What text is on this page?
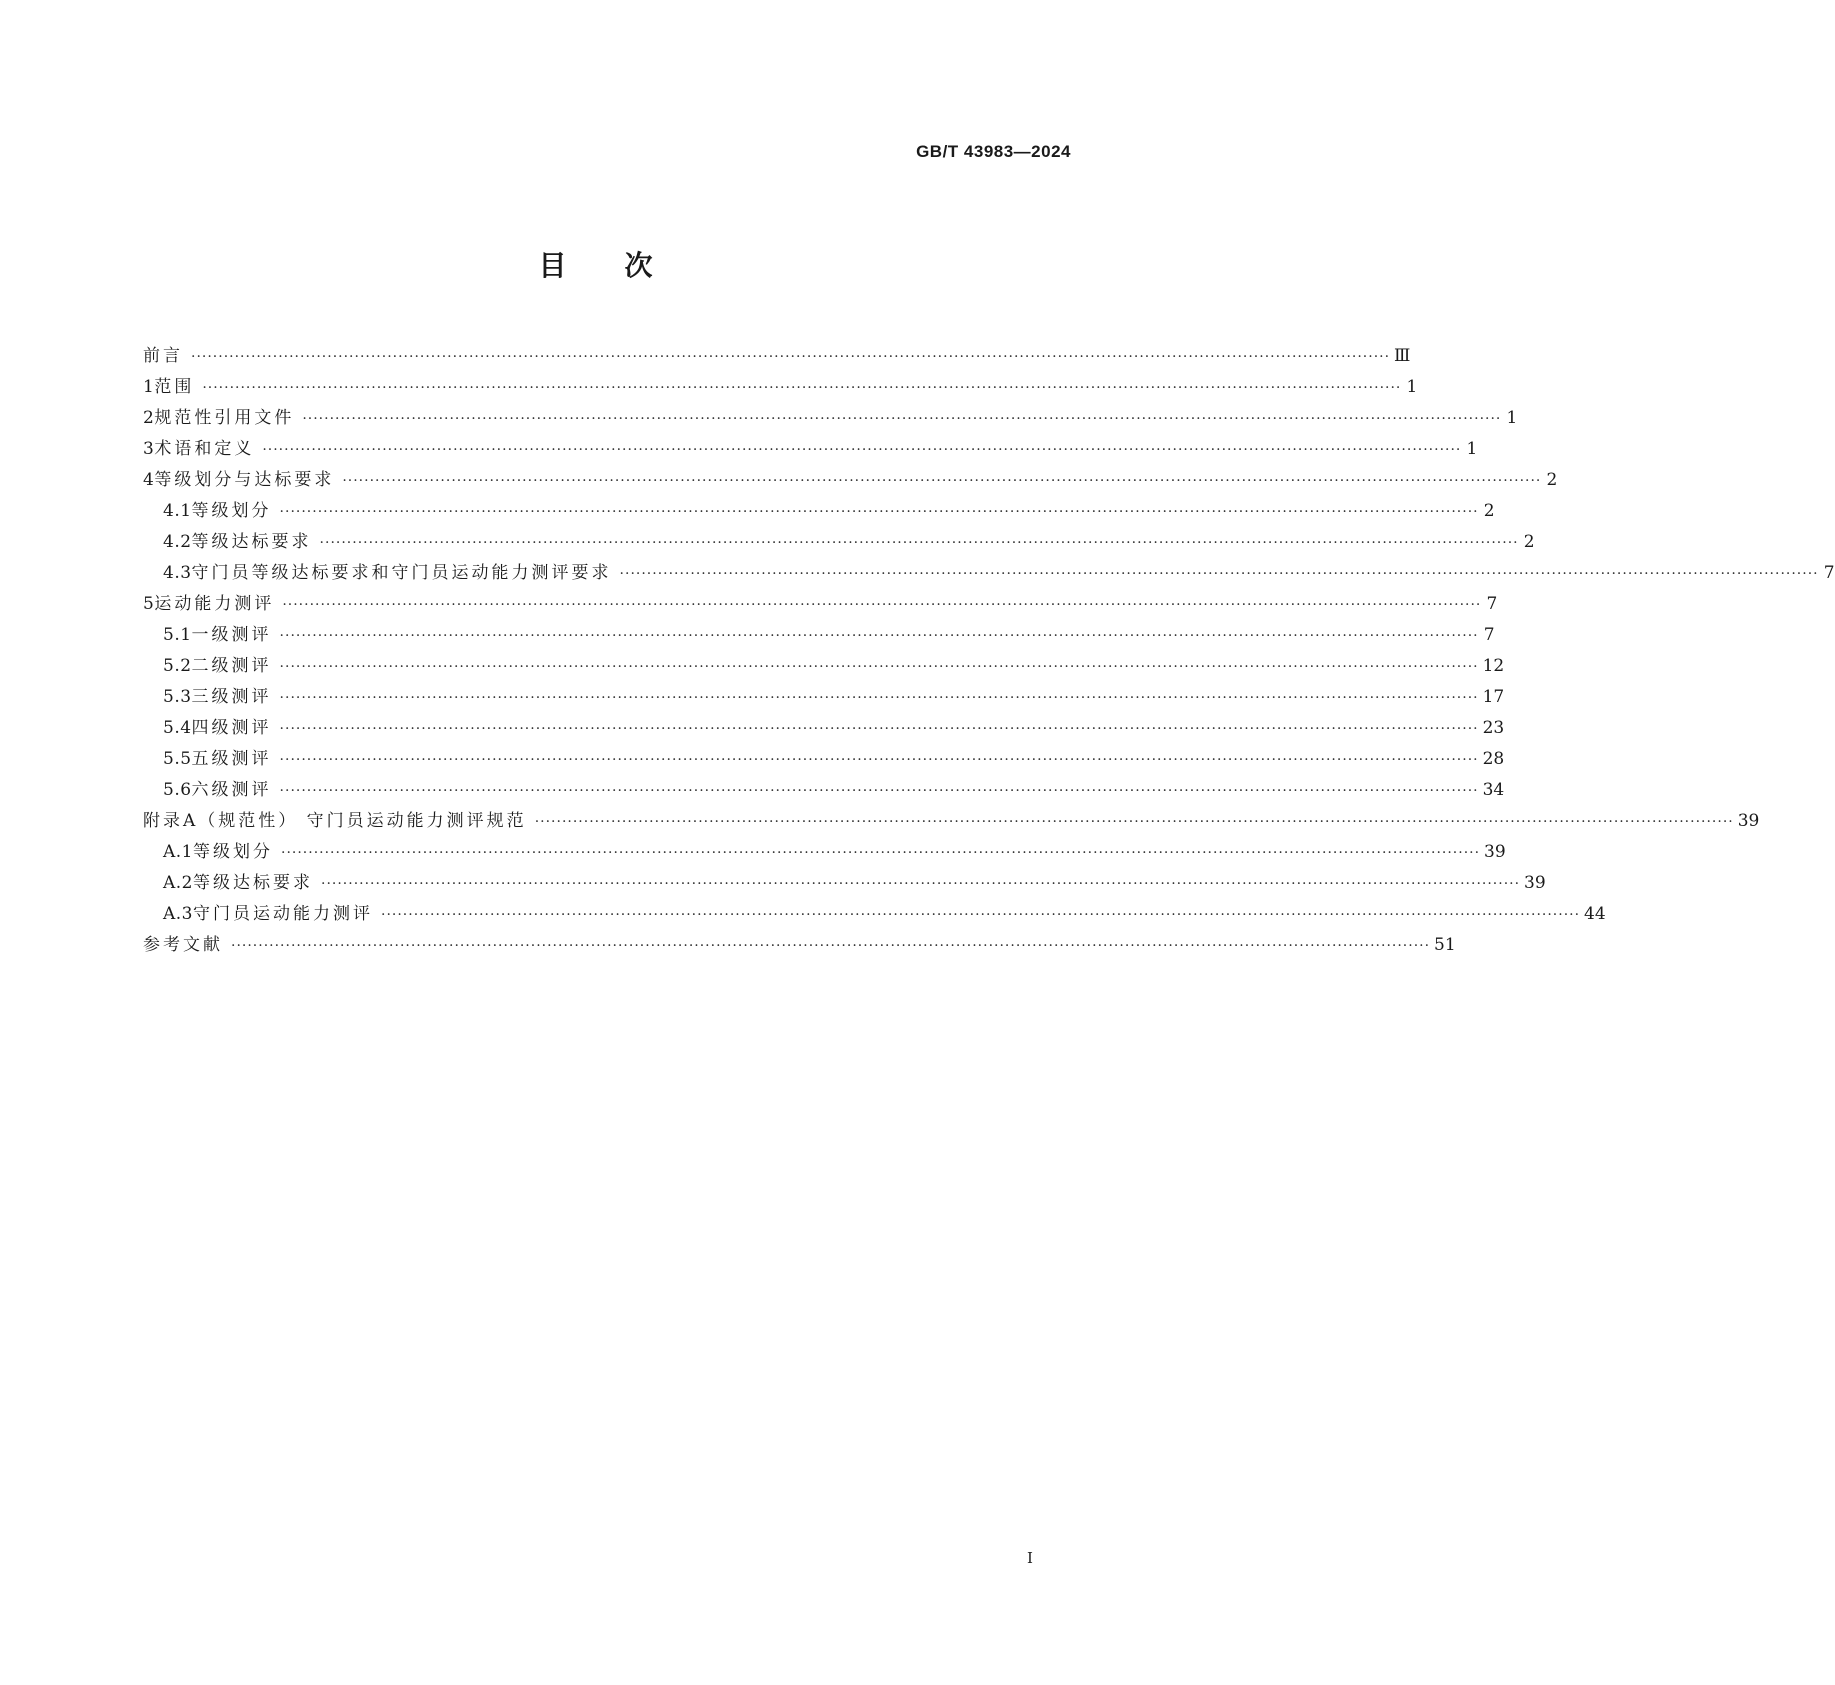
GB/T 43983—2024
目次
前言 ···························································································································································································································· Ⅲ
1 范围 ···························································································································································································································· 1
2 规范性引用文件 ···························································································································································································································· 1
3 术语和定义 ···························································································································································································································· 1
4 等级划分与达标要求 ···························································································································································································································· 2
4.1 等级划分 ···························································································································································································································· 2
4.2 等级达标要求 ···························································································································································································································· 2
4.3 守门员等级达标要求和守门员运动能力测评要求 ···························································································································································································································· 7
5 运动能力测评 ···························································································································································································································· 7
5.1 一级测评 ···························································································································································································································· 7
5.2 二级测评 ···························································································································································································································· 12
5.3 三级测评 ···························································································································································································································· 17
5.4 四级测评 ···························································································································································································································· 23
5.5 五级测评 ···························································································································································································································· 28
5.6 六级测评 ···························································································································································································································· 34
附录A（规范性） 守门员运动能力测评规范 ···························································································································································································································· 39
A.1 等级划分 ···························································································································································································································· 39
A.2 等级达标要求 ···························································································································································································································· 39
A.3 守门员运动能力测评 ···························································································································································································································· 44
参考文献 ···························································································································································································································· 51
I
